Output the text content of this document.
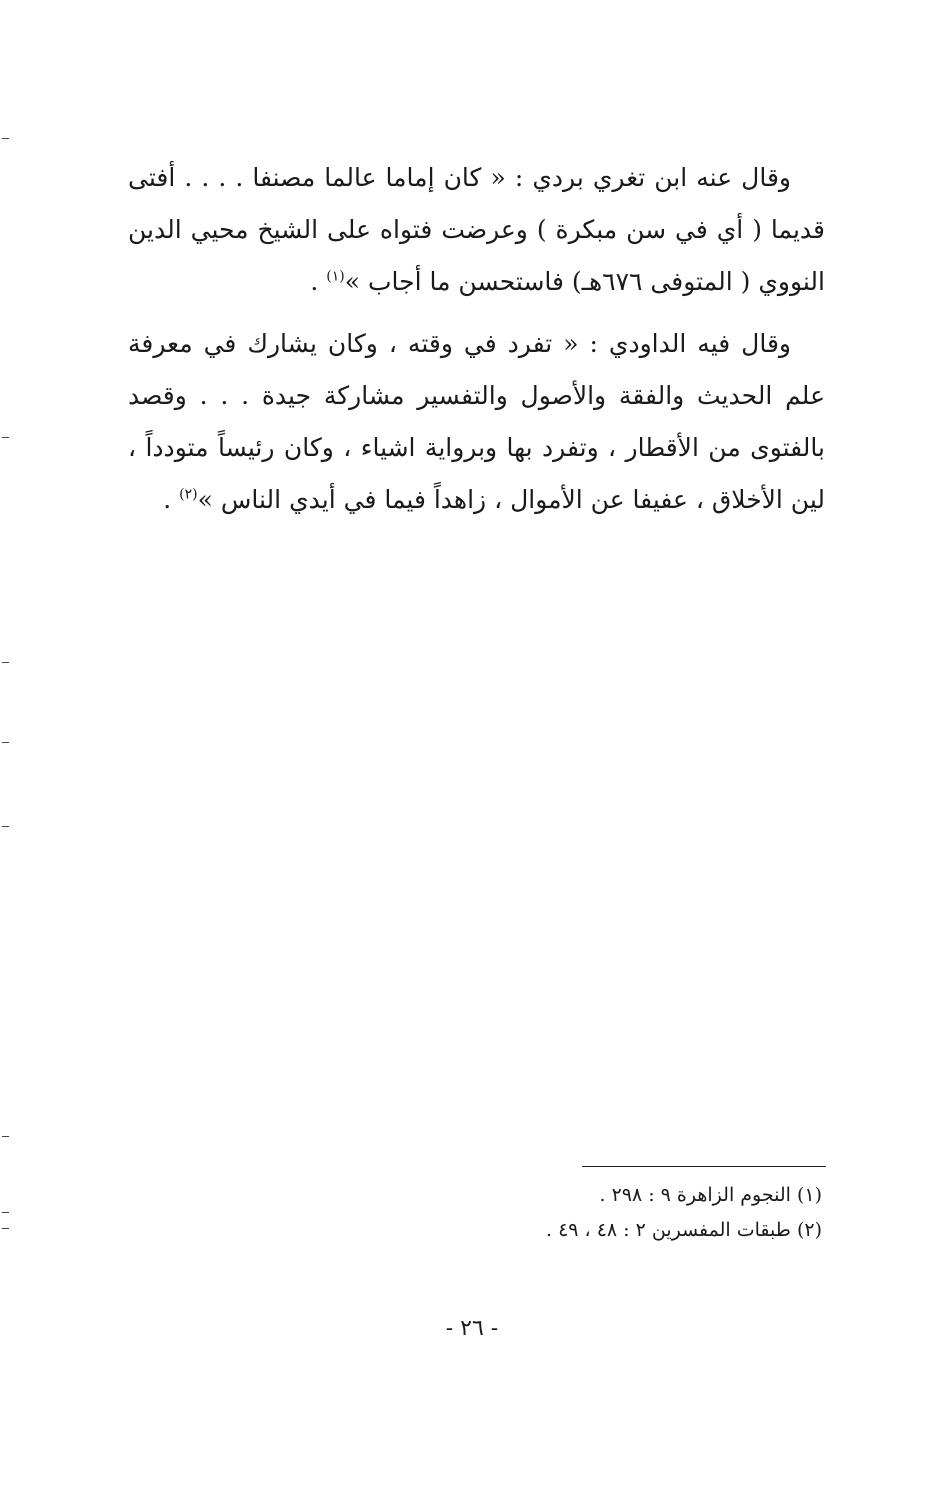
وقال عنه ابن تغري بردي : « كان إماما عالما مصنفا . . . . أفتى قديما ( أي في سن مبكرة ) وعرضت فتواه على الشيخ محيي الدين النووي ( المتوفى ٦٧٦هـ) فاستحسن ما أجاب »$^{(١)}$ .

وقال فيه الداودي : « تفرد في وقته ، وكان يشارك في معرفة علم الحديث والفقة والأصول والتفسير مشاركة جيدة . . . وقصد بالفتوى من الأقطار ، وتفرد بها وبرواية اشياء ، وكان رئيساً متودداً ، لين الأخلاق ، عفيفا عن الأموال ، زاهداً فيما في أيدي الناس »$^{(٢)}$ .

(١) النجوم الزاهرة ٩ : ٢٩٨ .
(٢) طبقات المفسرين ٢ : ٤٨ ، ٤٩ .
- ٢٦ -
